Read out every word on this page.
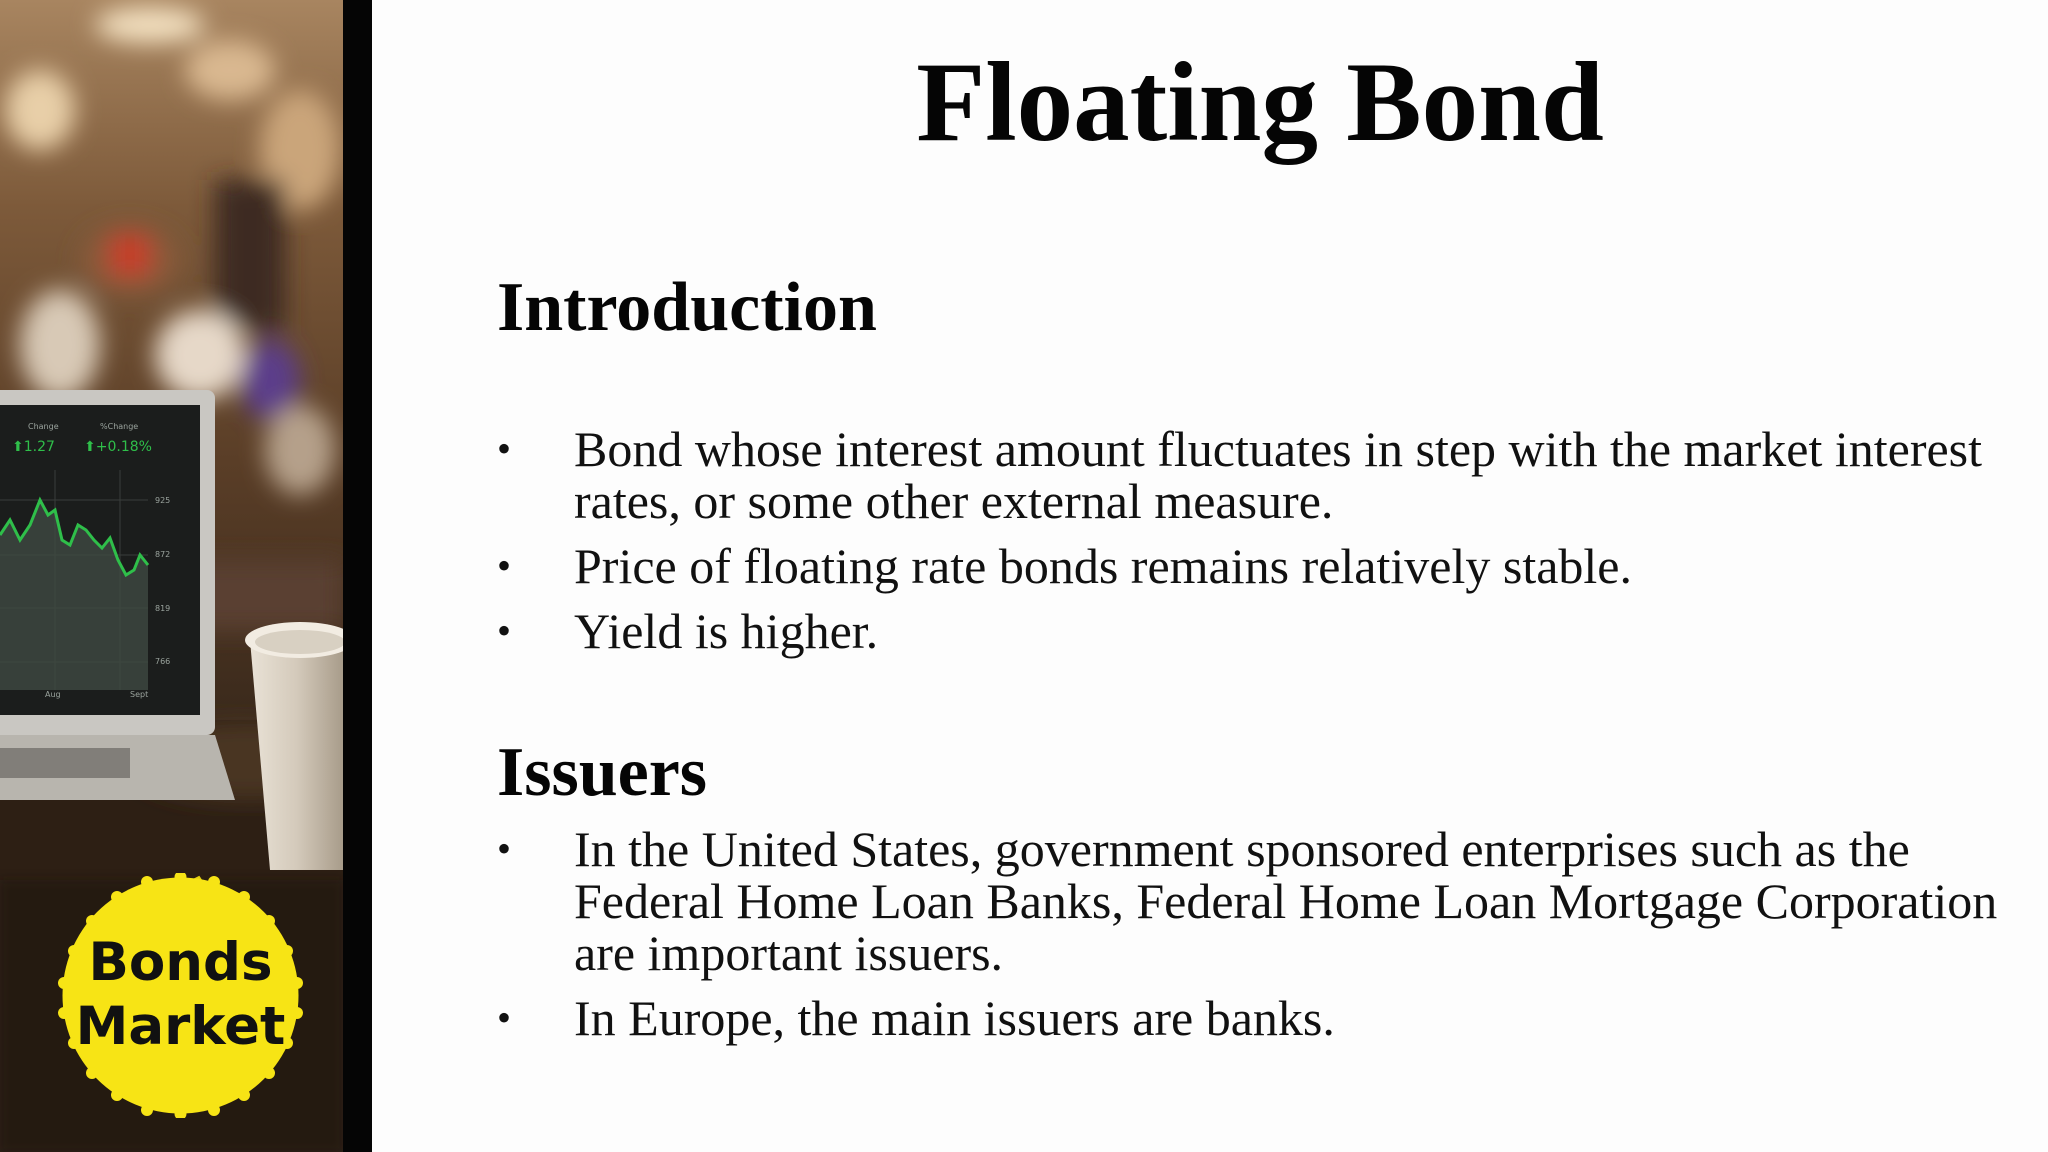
Change	%Change
⬆1.27 ⬆+0.18%
925
872
819
766
Aug	Sept
Bonds
Market
Floating Bond
Introduction
• Bond whose interest amount fluctuates in step with the market interest rates, or some other external measure.
• Price of floating rate bonds remains relatively stable.
• Yield is higher.
Issuers
• In the United States, government sponsored enterprises such as the Federal Home Loan Banks, Federal Home Loan Mortgage Corporation are important issuers.
• In Europe, the main issuers are banks.
